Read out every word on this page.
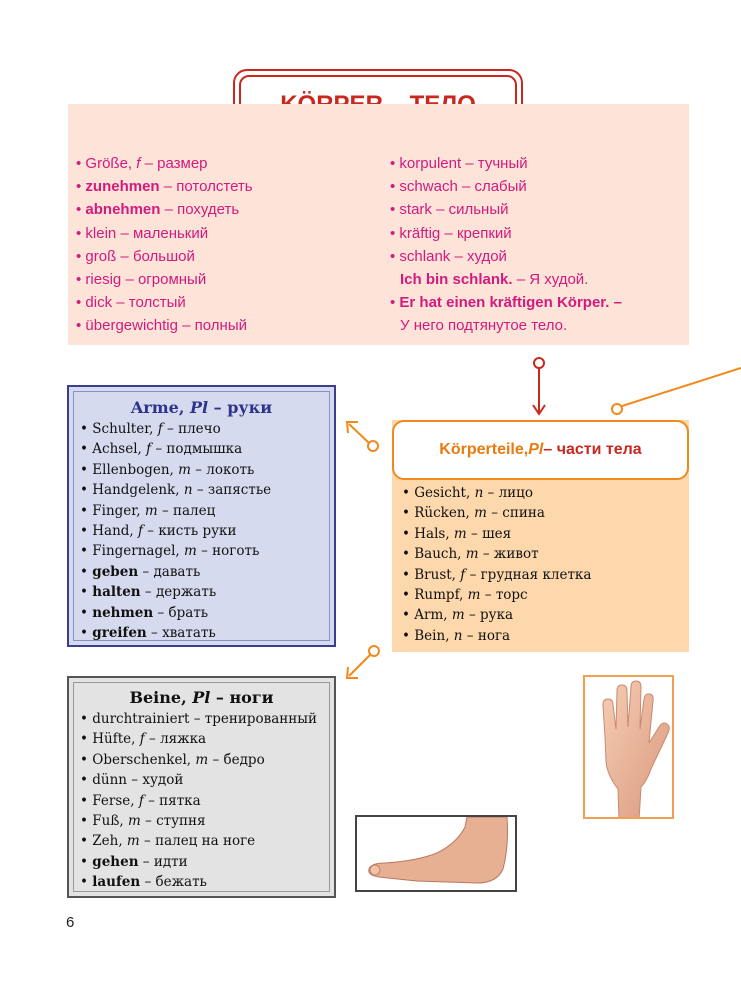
• Größe, f – размер
• zunehmen – потолстеть
• abnehmen – похудеть
• klein – маленький
• groß – большой
• riesig – огромный
• dick – толстый
• übergewichtig – полный
• korpulent – тучный
• schwach – слабый
• stark – сильный
• kräftig – крепкий
• schlank – худой
Ich bin schlank. – Я худой.
• Er hat einen kräftigen Körper. –
У него подтянутое тело.
Arme, Pl – руки
• Schulter, f – плечо
• Achsel, f – подмышка
• Ellenbogen, m – локоть
• Handgelenk, n – запястье
• Finger, m – палец
• Hand, f – кисть руки
• Fingernagel, m – ноготь
• geben – давать
• halten – держать
• nehmen – брать
• greifen – хватать
Körperteile, Pl – части тела
• Gesicht, n – лицо
• Rücken, m – спина
• Hals, m – шея
• Bauch, m – живот
• Brust, f – грудная клетка
• Rumpf, m – торс
• Arm, m – рука
• Bein, n – нога
Beine, Pl – ноги
• durchtrainiert – тренированный
• Hüfte, f – ляжка
• Oberschenkel, m – бедро
• dünn – худой
• Ferse, f – пятка
• Fuß, m – ступня
• Zeh, m – палец на ноге
• gehen – идти
• laufen – бежать
6
